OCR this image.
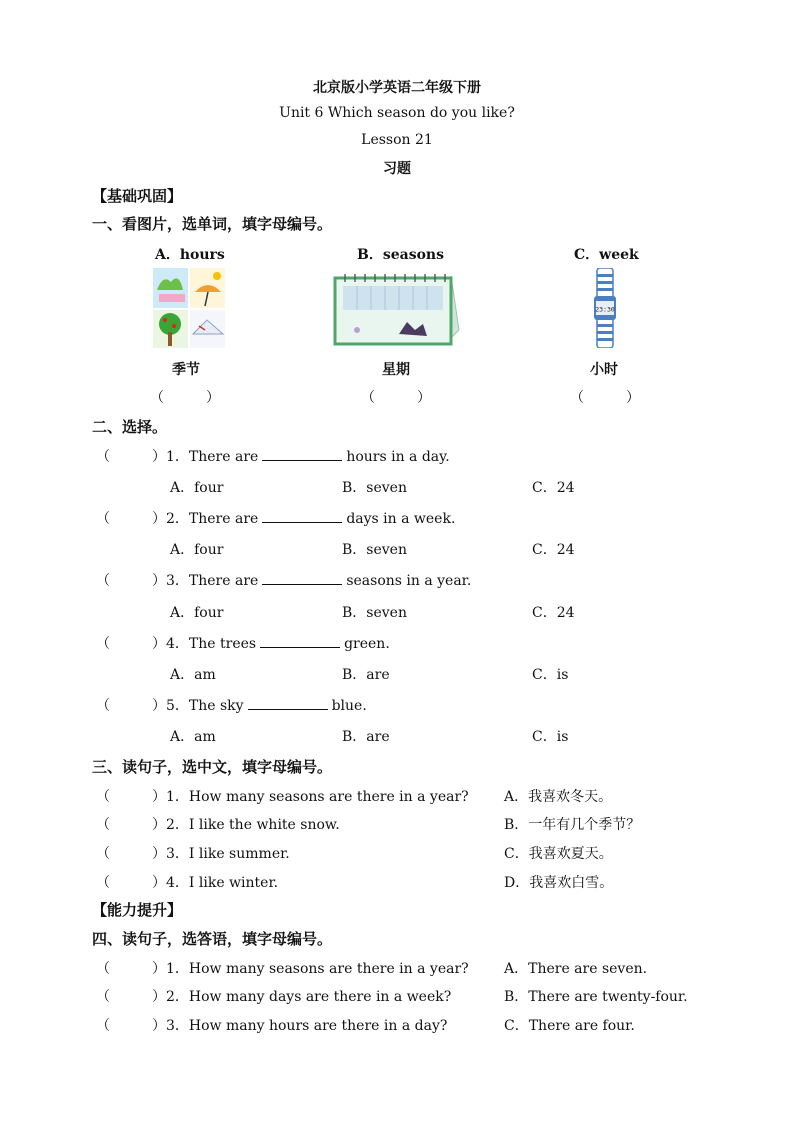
北京版小学英语二年级下册
Unit 6 Which season do you like?
Lesson 21
习题
【基础巩固】
一、看图片，选单词，填字母编号。
A．hours	B．seasons	C．week
23:30
季节	星期	小时
（　　　）	（　　　）	（　　　）
二、选择。
（　　　）1．There are	hours in a day.
A．four	B．seven	C．24
（　　　）2．There are	days in a week.
A．four	B．seven	C．24
（　　　）3．There are	seasons in a year.
A．four	B．seven	C．24
（　　　）4．The trees	green.
A．am	B．are	C．is
（　　　）5．The sky	blue.
A．am	B．are	C．is
三、读句子，选中文，填字母编号。
（　　　）1．How many seasons are there in a year?	A．我喜欢冬天。
（　　　）2．I like the white snow.	B．一年有几个季节？
（　　　）3．I like summer.	C．我喜欢夏天。
（　　　）4．I like winter.	D．我喜欢白雪。
【能力提升】
四、读句子，选答语，填字母编号。
（　　　）1．How many seasons are there in a year?	A．There are seven.
（　　　）2．How many days are there in a week?	B．There are twenty-four.
（　　　）3．How many hours are there in a day?	C．There are four.
